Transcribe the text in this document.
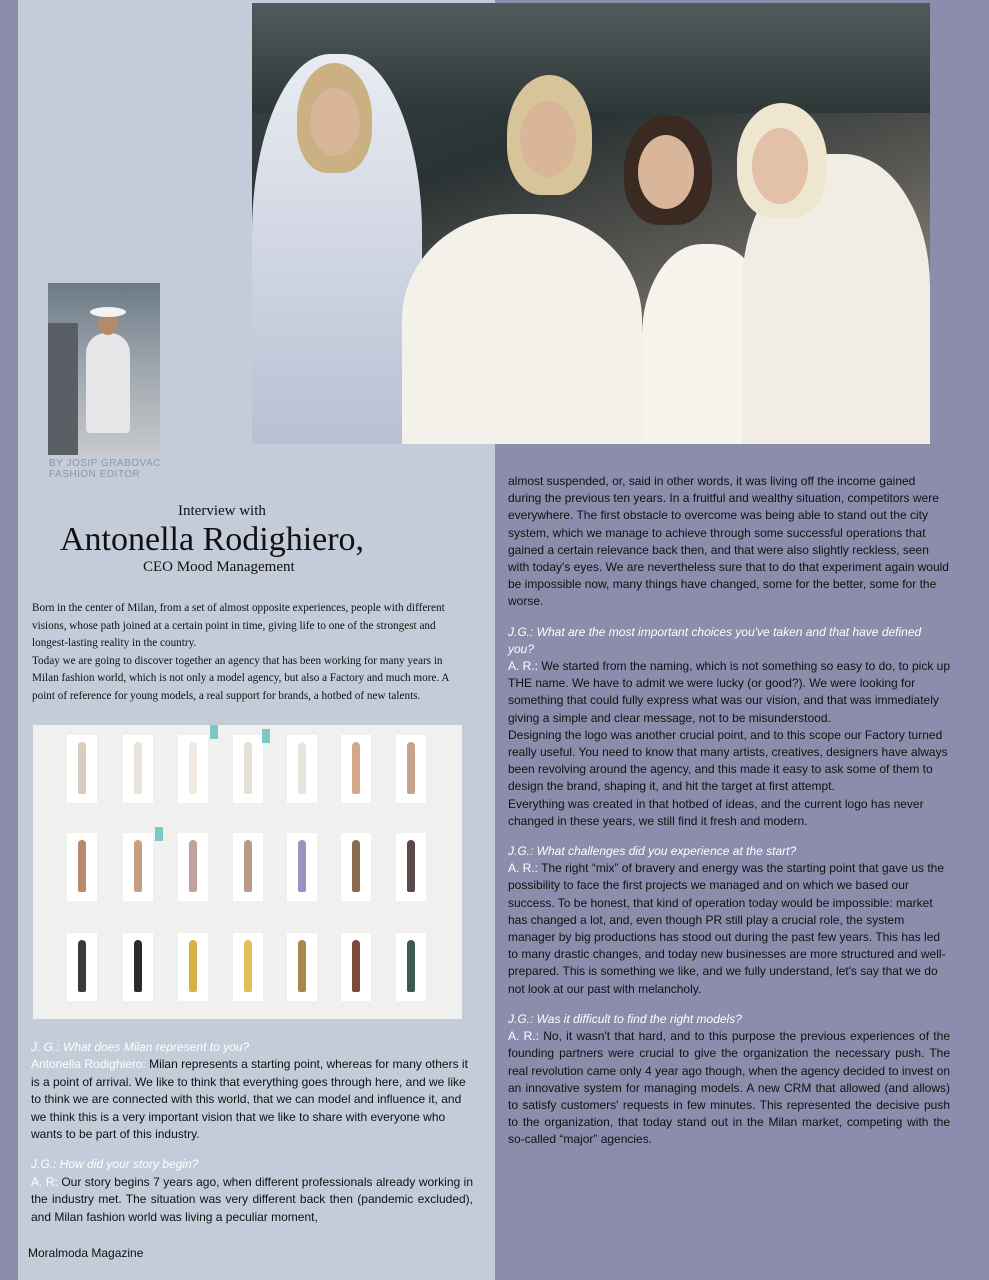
BY JOSIP GRABOVAC
FASHION EDITOR
Interview with
Antonella Rodighiero,
CEO Mood Management

Born in the center of Milan, from a set of almost opposite experiences, people with different visions, whose path joined at a certain point in time, giving life to one of the strongest and longest-lasting reality in the country.

Today we are going to discover together an agency that has been working for many years in Milan fashion world, which is not only a model agency, but also a Factory and much more. A point of reference for young models, a real support for brands, a hotbed of new talents.

J. G.: What does Milan represent to you?

Antonella Rodighiero: Milan represents a starting point, whereas for many others it is a point of arrival. We like to think that everything goes through here, and we like to think we are connected with this world, that we can model and influence it, and we think this is a very important vision that we like to share with everyone who wants to be part of this industry.

J.G.: How did your story begin?

A. R: Our story begins 7 years ago, when different professionals already working in the industry met. The situation was very different back then (pandemic excluded), and Milan fashion world was living a peculiar moment,

almost suspended, or, said in other words, it was living off the income gained during the previous ten years. In a fruitful and wealthy situation, competitors were everywhere. The first obstacle to overcome was being able to stand out the city system, which we manage to achieve through some successful operations that gained a certain relevance back then, and that were also slightly reckless, seen with today's eyes. We are nevertheless sure that to do that experiment again would be impossible now, many things have changed, some for the better, some for the worse.

J.G.: What are the most important choices you've taken and that have defined you?

A. R.: We started from the naming, which is not something so easy to do, to pick up THE name. We have to admit we were lucky (or good?). We were looking for something that could fully express what was our vision, and that was immediately giving a simple and clear message, not to be misunderstood.

Designing the logo was another crucial point, and to this scope our Factory turned really useful. You need to know that many artists, creatives, designers have always been revolving around the agency, and this made it easy to ask some of them to design the brand, shaping it, and hit the target at first attempt.

Everything was created in that hotbed of ideas, and the current logo has never changed in these years, we still find it fresh and modern.

J.G.: What challenges did you experience at the start?

A. R.: The right “mix” of bravery and energy was the starting point that gave us the possibility to face the first projects we managed and on which we based our success. To be honest, that kind of operation today would be impossible: market has changed a lot, and, even though PR still play a crucial role, the system manager by big productions has stood out during the past few years. This has led to many drastic changes, and today new businesses are more structured and well-prepared. This is something we like, and we fully understand, let's say that we do not look at our past with melancholy.

J.G.: Was it difficult to find the right models?

A. R.: No, it wasn't that hard, and to this purpose the previous experiences of the founding partners were crucial to give the organization the necessary push. The real revolution came only 4 year ago though, when the agency decided to invest on an innovative system for managing models. A new CRM that allowed (and allows) to satisfy customers' requests in few minutes. This represented the decisive push to the organization, that today stand out in the Milan market, competing with the so-called “major” agencies.

Moralmoda Magazine
